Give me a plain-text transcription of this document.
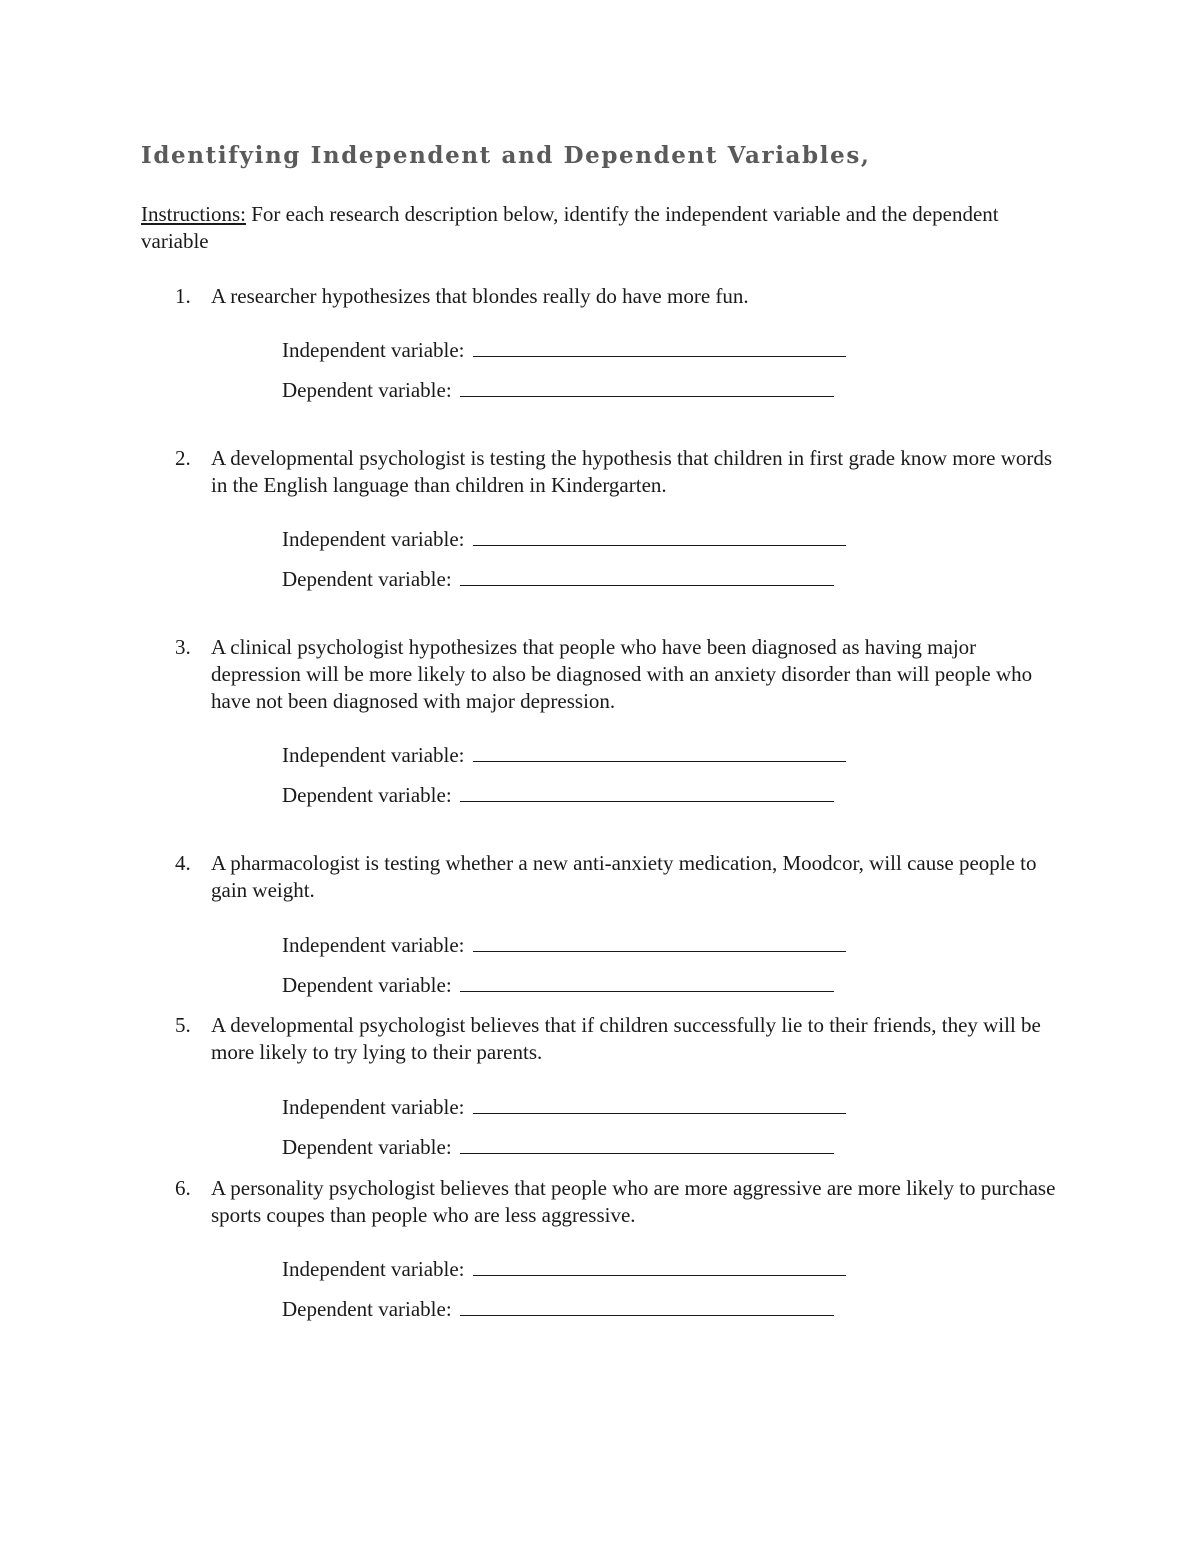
Identifying Independent and Dependent Variables,

Instructions: For each research description below, identify the independent variable and the dependent variable

1. A researcher hypothesizes that blondes really do have more fun.

Independent variable:
Dependent variable:
2. A developmental psychologist is testing the hypothesis that children in first grade know more words in the English language than children in Kindergarten.

Independent variable:
Dependent variable:
3. A clinical psychologist hypothesizes that people who have been diagnosed as having major depression will be more likely to also be diagnosed with an anxiety disorder than will people who have not been diagnosed with major depression.

Independent variable:
Dependent variable:
4. A pharmacologist is testing whether a new anti-anxiety medication, Moodcor, will cause people to gain weight.

Independent variable:
Dependent variable:
5. A developmental psychologist believes that if children successfully lie to their friends, they will be more likely to try lying to their parents.

Independent variable:
Dependent variable:
6. A personality psychologist believes that people who are more aggressive are more likely to purchase sports coupes than people who are less aggressive.

Independent variable:
Dependent variable:
